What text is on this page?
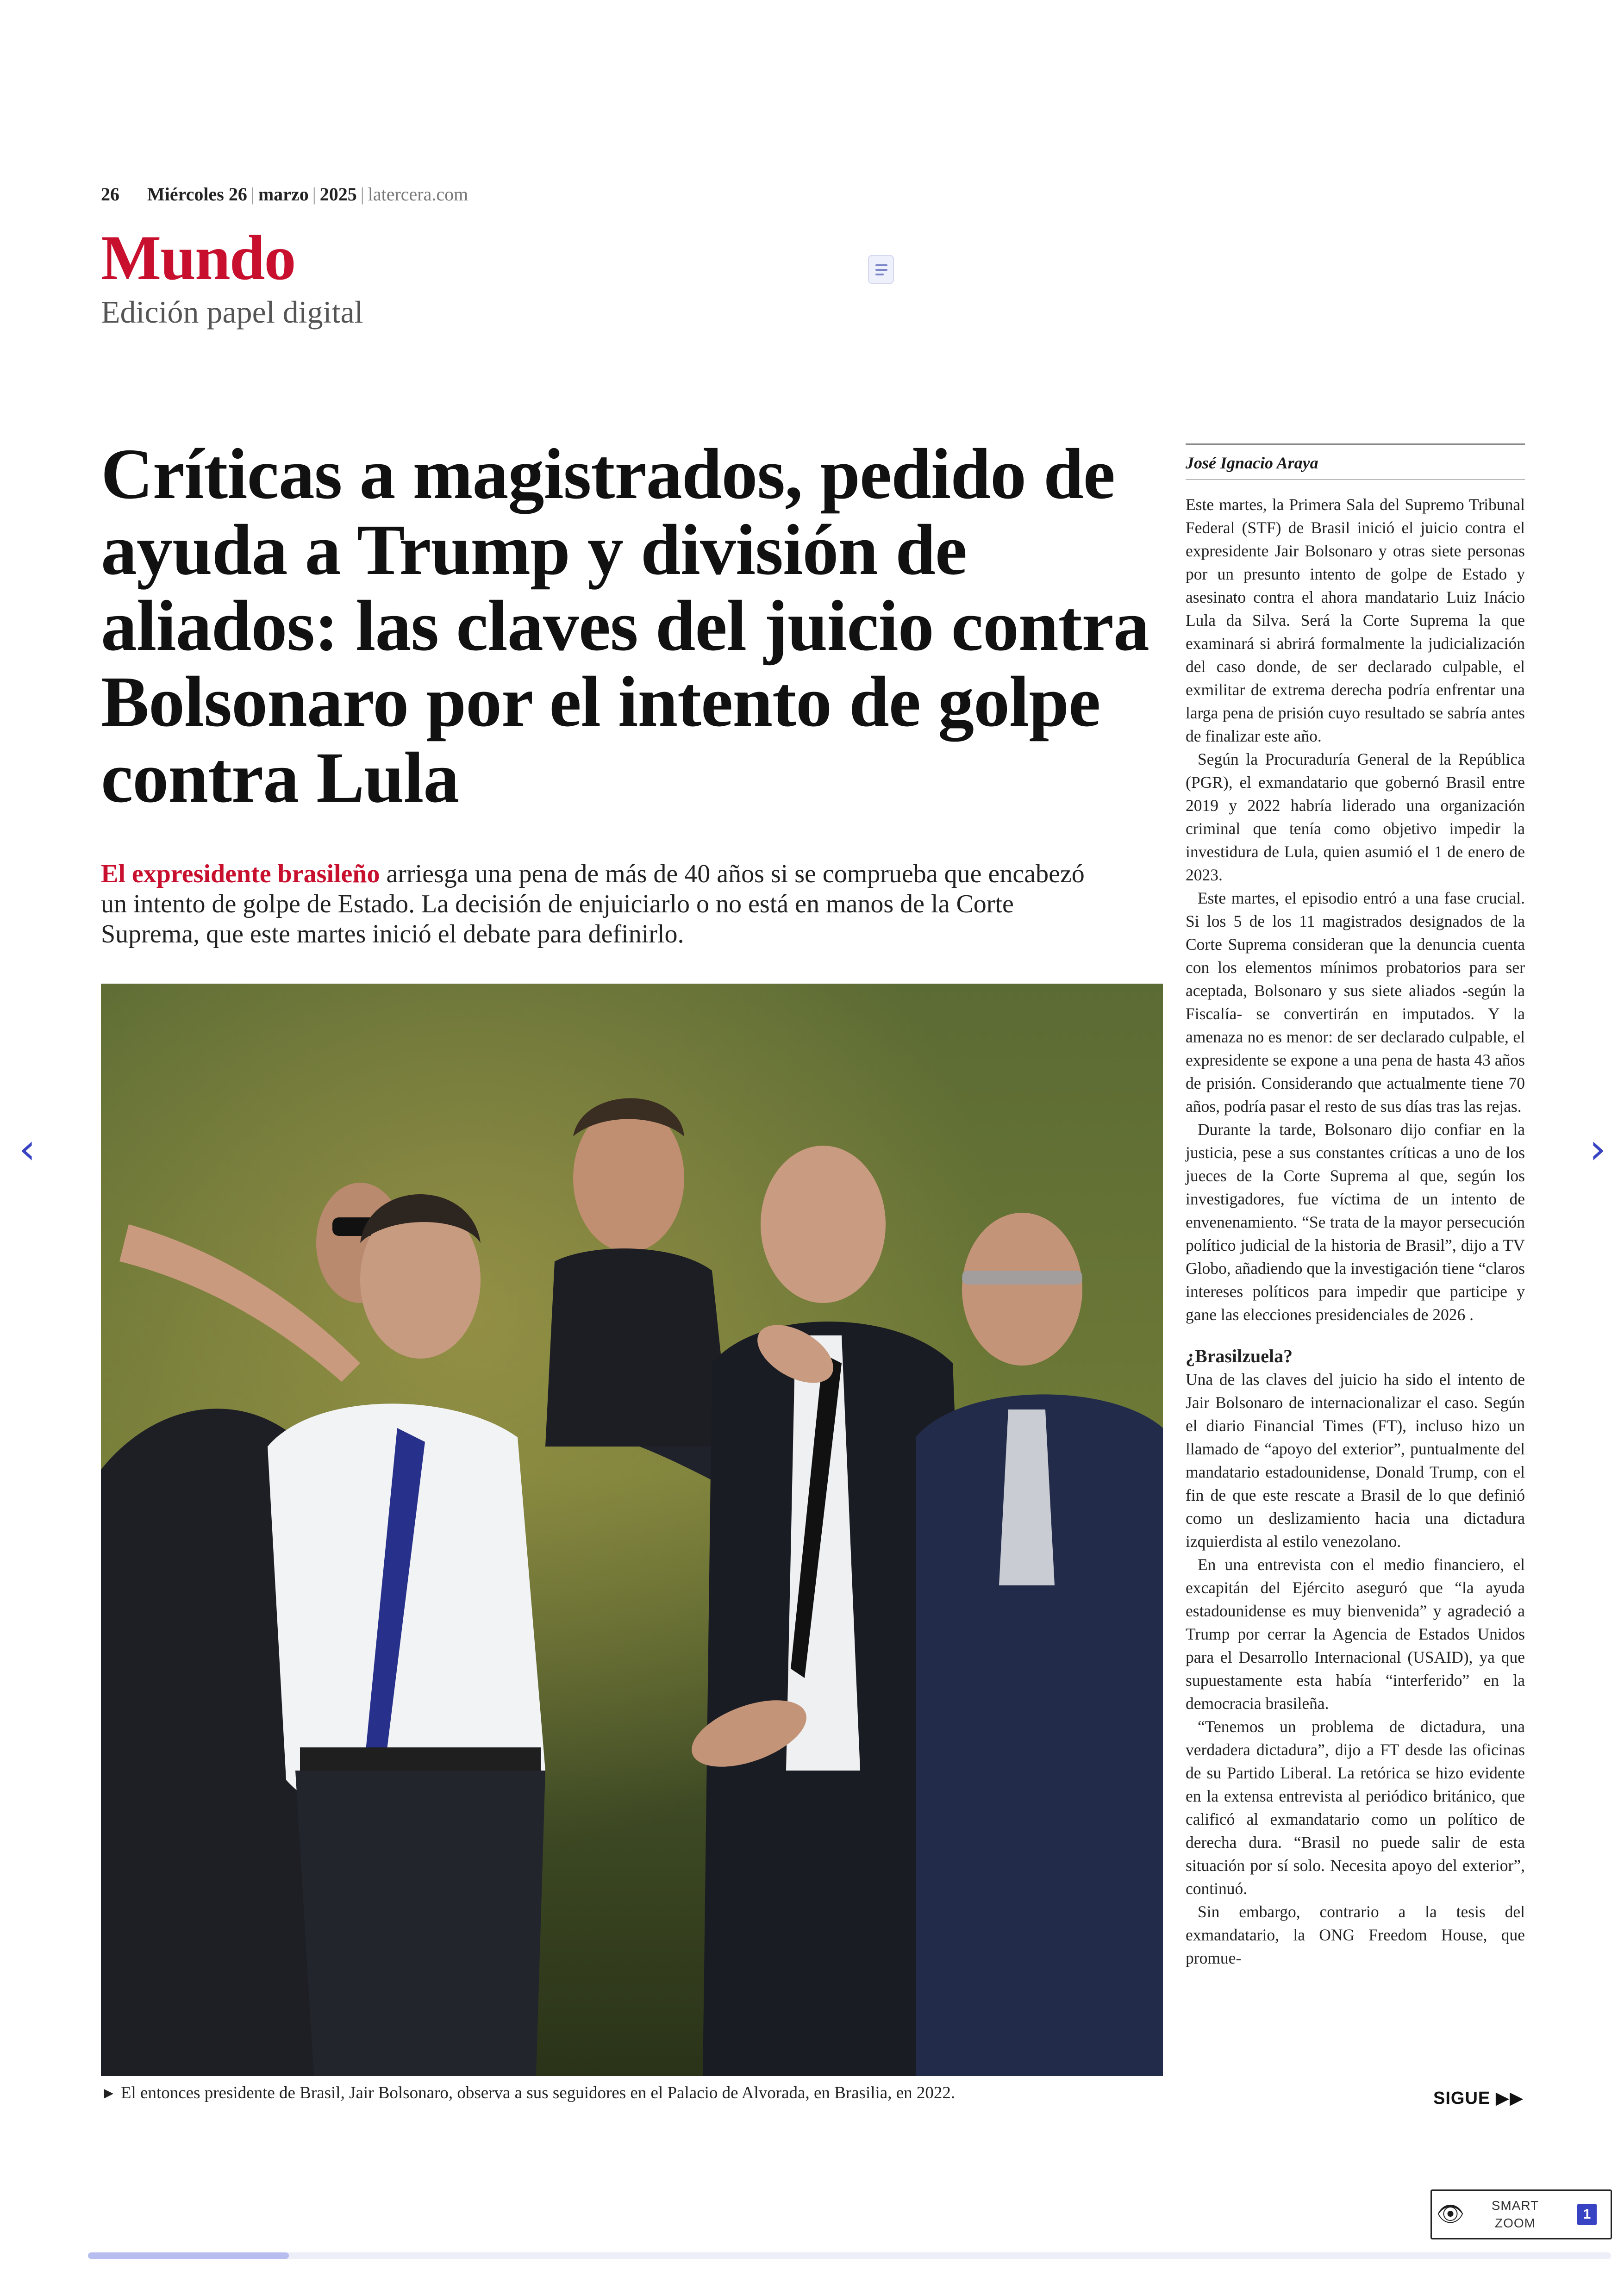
26 Miércoles 26 | marzo | 2025 | latercera.com
Mundo
Edición papel digital
Críticas a magistrados, pedido de ayuda a Trump y división de aliados: las claves del juicio contra Bolsonaro por el intento de golpe contra Lula
El expresidente brasileño arriesga una pena de más de 40 años si se comprueba que encabezó un intento de golpe de Estado. La decisión de enjuiciarlo o no está en manos de la Corte Suprema, que este martes inició el debate para definirlo.
► El entonces presidente de Brasil, Jair Bolsonaro, observa a sus seguidores en el Palacio de Alvorada, en Brasilia, en 2022.
José Ignacio Araya

Este martes, la Primera Sala del Supremo Tribunal Federal (STF) de Brasil inició el juicio contra el expresidente Jair Bolsonaro y otras siete personas por un presunto intento de golpe de Estado y asesinato contra el ahora mandatario Luiz Inácio Lula da Silva. Será la Corte Suprema la que examinará si abrirá formalmente la judicialización del caso donde, de ser declarado culpable, el exmilitar de extrema derecha podría enfrentar una larga pena de prisión cuyo resultado se sabría antes de finalizar este año.

Según la Procuraduría General de la República (PGR), el exmandatario que gobernó Brasil entre 2019 y 2022 habría liderado una organización criminal que tenía como objetivo impedir la investidura de Lula, quien asumió el 1 de enero de 2023.

Este martes, el episodio entró a una fase crucial. Si los 5 de los 11 magistrados designados de la Corte Suprema consideran que la denuncia cuenta con los elementos mínimos probatorios para ser aceptada, Bolsonaro y sus siete aliados -según la Fiscalía- se convertirán en imputados. Y la amenaza no es menor: de ser declarado culpable, el expresidente se expone a una pena de hasta 43 años de prisión. Considerando que actualmente tiene 70 años, podría pasar el resto de sus días tras las rejas.

Durante la tarde, Bolsonaro dijo confiar en la justicia, pese a sus constantes críticas a uno de los jueces de la Corte Suprema al que, según los investigadores, fue víctima de un intento de envenenamiento. “Se trata de la mayor persecución político judicial de la historia de Brasil”, dijo a TV Globo, añadiendo que la investigación tiene “claros intereses políticos para impedir que participe y gane las elecciones presidenciales de 2026 .

¿Brasilzuela?

Una de las claves del juicio ha sido el intento de Jair Bolsonaro de internacionalizar el caso. Según el diario Financial Times (FT), incluso hizo un llamado de “apoyo del exterior”, puntualmente del mandatario estadounidense, Donald Trump, con el fin de que este rescate a Brasil de lo que definió como un deslizamiento hacia una dictadura izquierdista al estilo venezolano.

En una entrevista con el medio financiero, el excapitán del Ejército aseguró que “la ayuda estadounidense es muy bienvenida” y agradeció a Trump por cerrar la Agencia de Estados Unidos para el Desarrollo Internacional (USAID), ya que supuestamente esta había “interferido” en la democracia brasileña.

“Tenemos un problema de dictadura, una verdadera dictadura”, dijo a FT desde las oficinas de su Partido Liberal. La retórica se hizo evidente en la extensa entrevista al periódico británico, que calificó al exmandatario como un político de derecha dura. “Brasil no puede salir de esta situación por sí solo. Necesita apoyo del exterior”, continuó.

Sin embargo, contrario a la tesis del exmandatario, la ONG Freedom House, que promue-

SIGUE ▶▶
‹	›
👁	SMART
ZOOM
1
